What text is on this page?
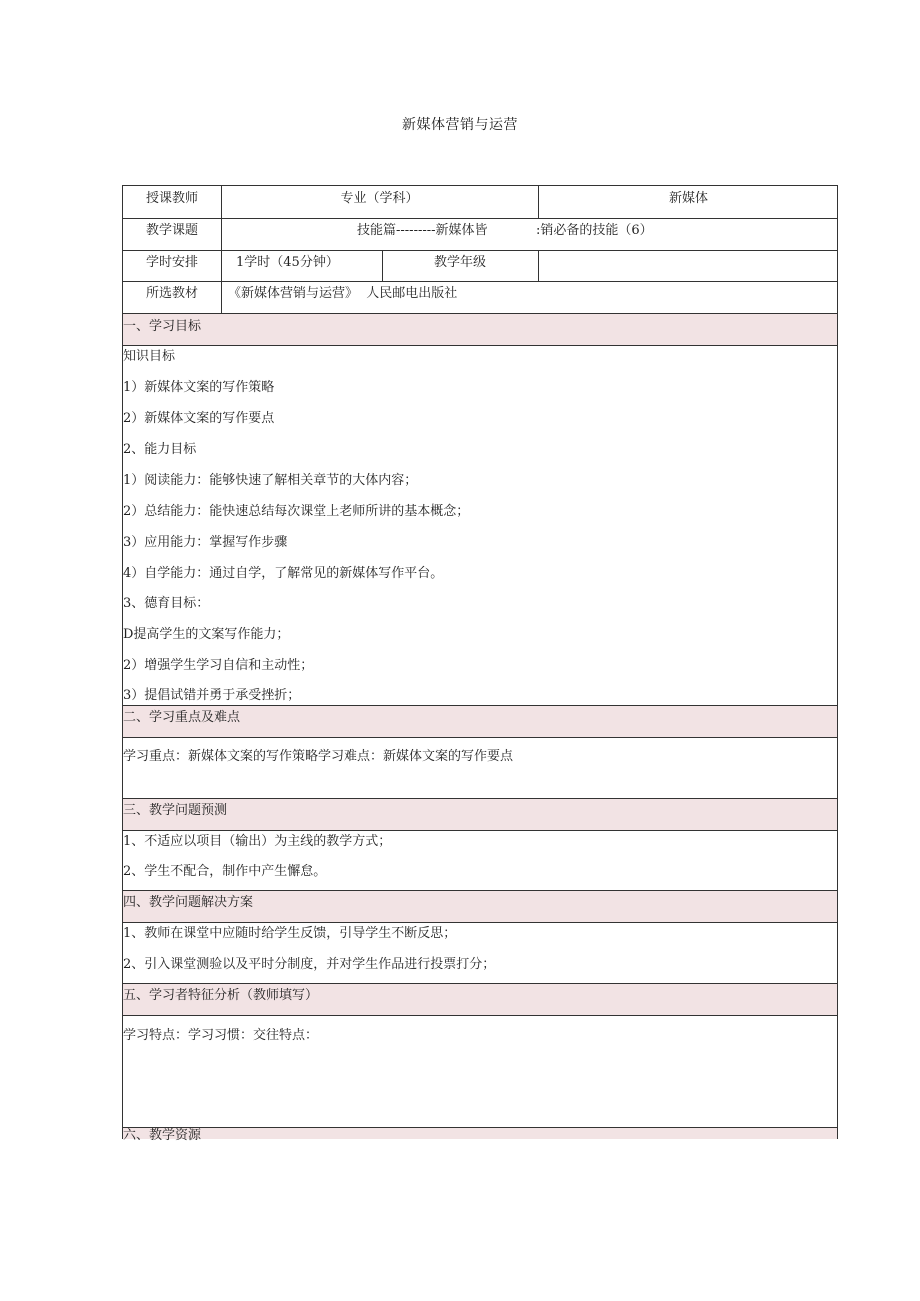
新媒体营销与运营
授课教师	专业（学科）	新媒体
教学课题	技能篇---------新媒体皆	:销必备的技能（6）
学时安排	1学时（45分钟）	教学年级
所选教材	《新媒体营销与运营》  人民邮电出版社
一、学习目标
知识目标
1）新媒体文案的写作策略
2）新媒体文案的写作要点
2、能力目标
1）阅读能力：能够快速了解相关章节的大体内容；
2）总结能力：能快速总结每次课堂上老师所讲的基本概念；
3）应用能力：掌握写作步骤
4）自学能力：通过自学，了解常见的新媒体写作平台。
3、德育目标：
D提高学生的文案写作能力；
2）增强学生学习自信和主动性；
3）提倡试错并勇于承受挫折；
二、学习重点及难点
学习重点：新媒体文案的写作策略学习难点：新媒体文案的写作要点
三、教学问题预测
1、不适应以项目（输出）为主线的教学方式；
2、学生不配合，制作中产生懈怠。
四、教学问题解决方案
1、教师在课堂中应随时给学生反馈，引导学生不断反思；
2、引入课堂测验以及平时分制度，并对学生作品进行投票打分；
五、学习者特征分析（教师填写）
学习特点：学习习惯：交往特点：
六、教学资源
